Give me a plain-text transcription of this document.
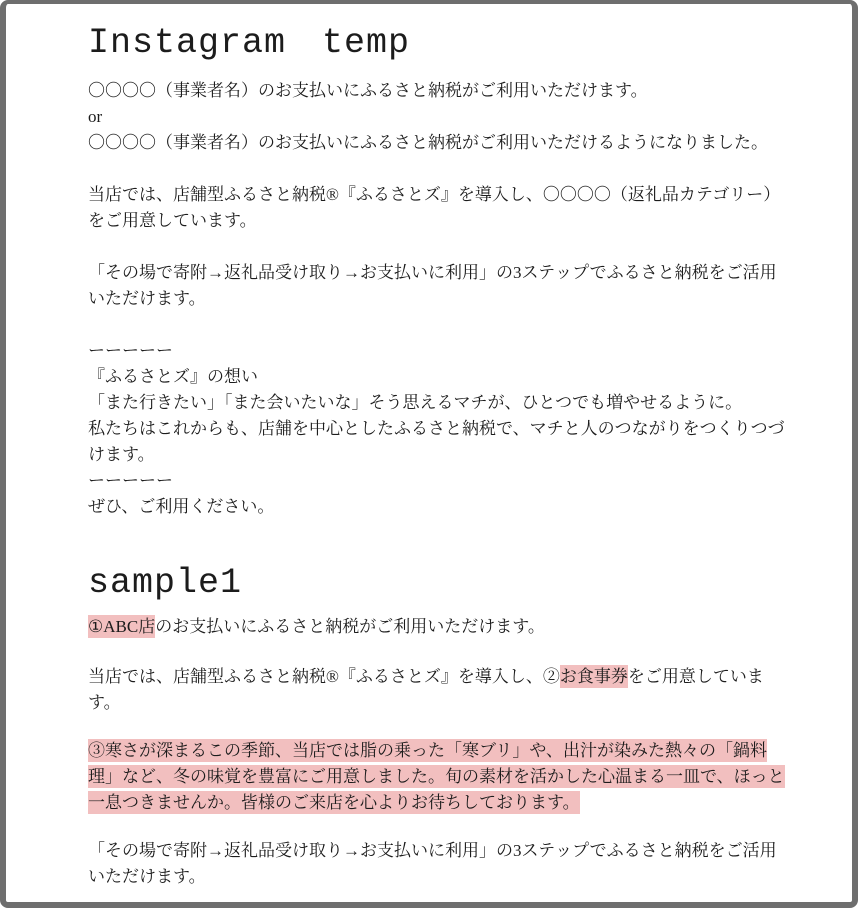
Instagram　temp

〇〇〇〇（事業者名）のお支払いにふるさと納税がご利用いただけます。
or
〇〇〇〇（事業者名）のお支払いにふるさと納税がご利用いただけるようになりました。

当店では、店舗型ふるさと納税®『ふるさとズ』を導入し、〇〇〇〇（返礼品カテゴリー）をご用意しています。

「その場で寄附→返礼品受け取り→お支払いに利用」の3ステップでふるさと納税をご活用いただけます。

ーーーーー
『ふるさとズ』の想い
「また行きたい」「また会いたいな」そう思えるマチが、ひとつでも増やせるように。
私たちはこれからも、店舗を中心としたふるさと納税で、マチと人のつながりをつくりつづけます。
ーーーーー
ぜひ、ご利用ください。
sample1

①ABC店のお支払いにふるさと納税がご利用いただけます。

当店では、店舗型ふるさと納税®『ふるさとズ』を導入し、②お食事券をご用意しています。

③寒さが深まるこの季節、当店では脂の乗った「寒ブリ」や、出汁が染みた熱々の「鍋料理」など、冬の味覚を豊富にご用意しました。旬の素材を活かした心温まる一皿で、ほっと一息つきませんか。皆様のご来店を心よりお待ちしております。

「その場で寄附→返礼品受け取り→お支払いに利用」の3ステップでふるさと納税をご活用いただけます。
